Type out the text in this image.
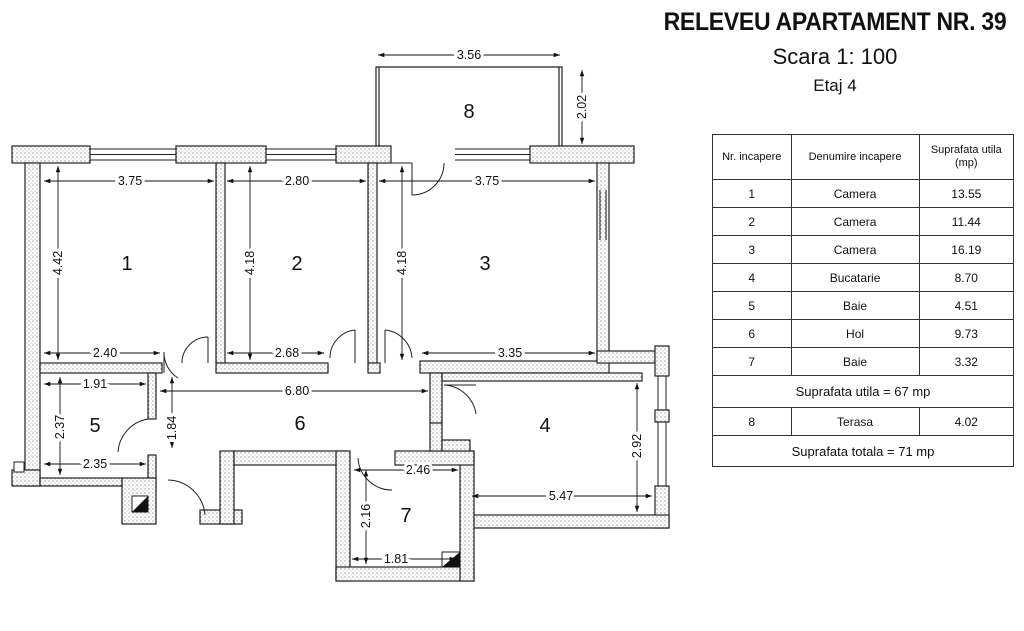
3.56
2.02
3.75	2.80	3.75
4.42	4.18	4.18
2.40	2.68	3.35
6.80
1.91
2.37	1.84
2.35	2.46
2.16
1.81
2.92
5.47
1	2	3
4
5	6
7
8
RELEVEU APARTAMENT NR. 39
Scara 1: 100
Etaj 4
Nr. incapere	Denumire incapere	Suprafata utila (mp)
1	Camera	13.55
2	Camera	11.44
3	Camera	16.19
4	Bucatarie	8.70
5	Baie	4.51
6	Hol	9.73
7	Baie	3.32
Suprafata utila = 67 mp		
8	Terasa	4.02
Suprafata totala = 71 mp		
